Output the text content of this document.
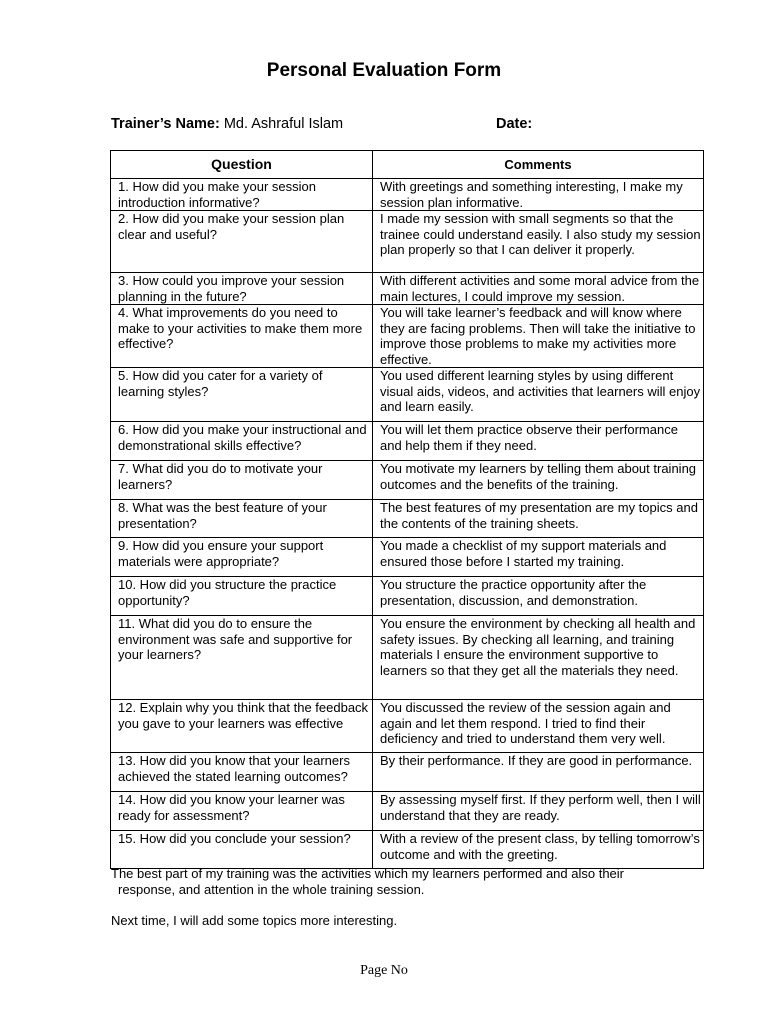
Personal Evaluation Form
Trainer’s Name: Md. Ashraful Islam	Date:
Question	Comments
1. How did you make your session introduction informative?	With greetings and something interesting, I make my session plan informative.
2. How did you make your session plan clear and useful?	I made my session with small segments so that the trainee could understand easily. I also study my session plan properly so that I can deliver it properly.
3. How could you improve your session planning in the future?	With different activities and some moral advice from the main lectures, I could improve my session.
4. What improvements do you need to make to your activities to make them more effective?	You will take learner’s feedback and will know where they are facing problems. Then will take the initiative to improve those problems to make my activities more effective.
5. How did you cater for a variety of learning styles?	You used different learning styles by using different visual aids, videos, and activities that learners will enjoy and learn easily.
6. How did you make your instructional and demonstrational skills effective?	You will let them practice observe their performance and help them if they need.
7. What did you do to motivate your learners?	You motivate my learners by telling them about training outcomes and the benefits of the training.
8. What was the best feature of your presentation?	The best features of my presentation are my topics and the contents of the training sheets.
9. How did you ensure your support materials were appropriate?	You made a checklist of my support materials and ensured those before I started my training.
10. How did you structure the practice opportunity?	You structure the practice opportunity after the presentation, discussion, and demonstration.
11. What did you do to ensure the environment was safe and supportive for your learners?	You ensure the environment by checking all health and safety issues. By checking all learning, and training materials I ensure the environment supportive to learners so that they get all the materials they need.
12. Explain why you think that the feedback you gave to your learners was effective	You discussed the review of the session again and again and let them respond. I tried to find their deficiency and tried to understand them very well.
13. How did you know that your learners achieved the stated learning outcomes?	By their performance. If they are good in performance.
14. How did you know your learner was ready for assessment?	By assessing myself first. If they perform well, then I will understand that they are ready.
15. How did you conclude your session?	With a review of the present class, by telling tomorrow’s outcome and with the greeting.
The best part of my training was the activities which my learners performed and also their
response, and attention in the whole training session.
Next time, I will add some topics more interesting.
Page No
